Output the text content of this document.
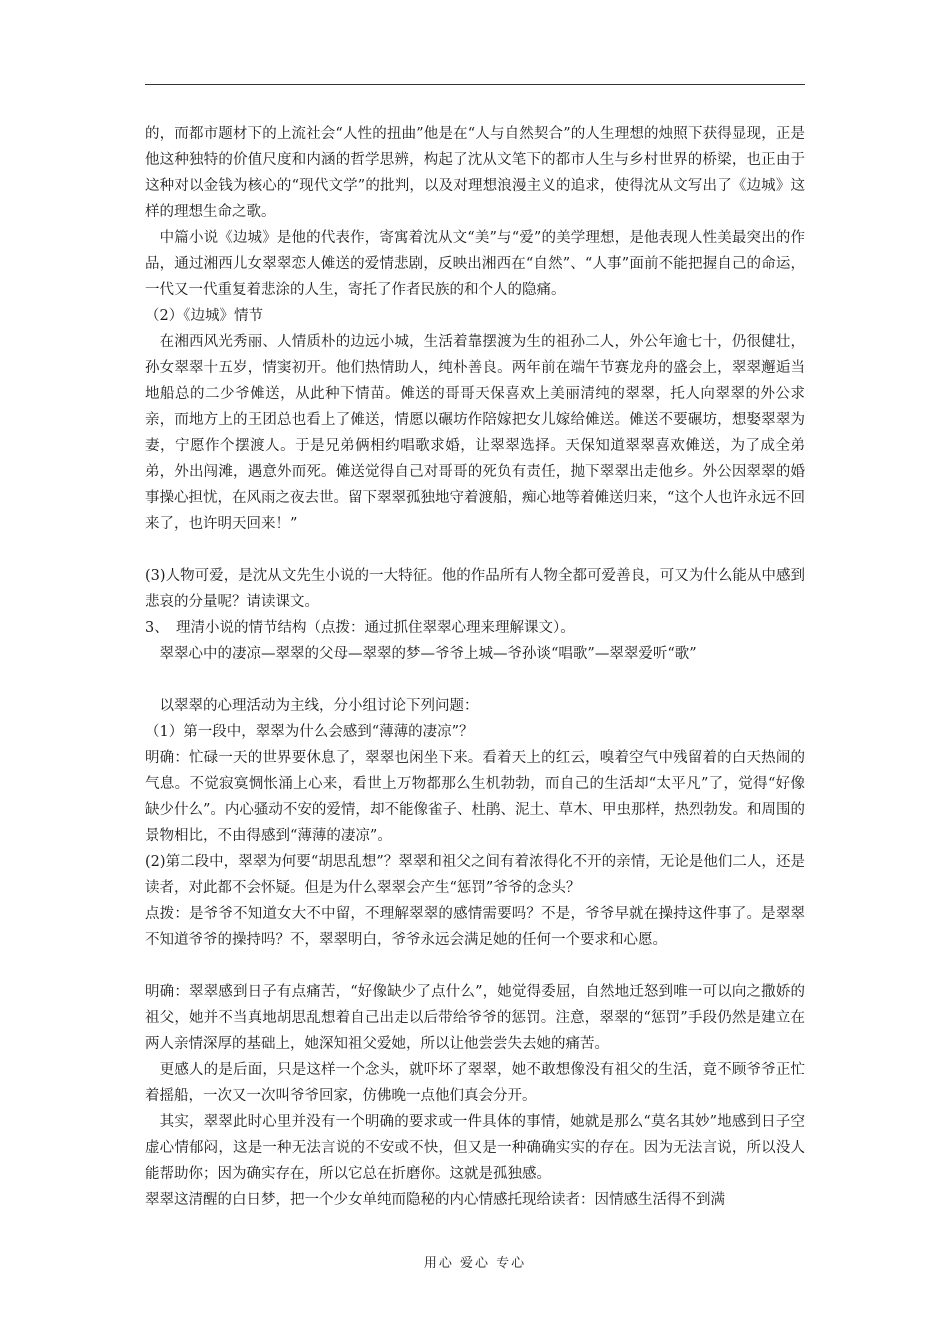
的，而都市题材下的上流社会“人性的扭曲”他是在“人与自然契合”的人生理想的烛照下获得显现，正是他这种独特的价值尺度和内涵的哲学思辨，构起了沈从文笔下的都市人生与乡村世界的桥梁，也正由于这种对以金钱为核心的“现代文学”的批判，以及对理想浪漫主义的追求，使得沈从文写出了《边城》这样的理想生命之歌。

　中篇小说《边城》是他的代表作，寄寓着沈从文“美”与“爱”的美学理想，是他表现人性美最突出的作品，通过湘西儿女翠翠恋人傩送的爱情悲剧，反映出湘西在“自然”、“人事”面前不能把握自己的命运，一代又一代重复着悲涂的人生，寄托了作者民族的和个人的隐痛。

（2）《边城》情节

　在湘西风光秀丽、人情质朴的边远小城，生活着靠摆渡为生的祖孙二人，外公年逾七十，仍很健壮，孙女翠翠十五岁，情窦初开。他们热情助人，纯朴善良。两年前在端午节赛龙舟的盛会上，翠翠邂逅当地船总的二少爷傩送，从此种下情苗。傩送的哥哥天保喜欢上美丽清纯的翠翠，托人向翠翠的外公求亲，而地方上的王团总也看上了傩送，情愿以碾坊作陪嫁把女儿嫁给傩送。傩送不要碾坊，想娶翠翠为妻，宁愿作个摆渡人。于是兄弟俩相约唱歌求婚，让翠翠选择。天保知道翠翠喜欢傩送，为了成全弟弟，外出闯滩，遇意外而死。傩送觉得自己对哥哥的死负有责任，抛下翠翠出走他乡。外公因翠翠的婚事操心担忧，在风雨之夜去世。留下翠翠孤独地守着渡船，痴心地等着傩送归来，“这个人也许永远不回来了，也许明天回来！”

(3)人物可爱，是沈从文先生小说的一大特征。他的作品所有人物全都可爱善良，可又为什么能从中感到悲哀的分量呢？请读课文。

3、　理清小说的情节结构（点拨：通过抓住翠翠心理来理解课文）。

　翠翠心中的凄凉—翠翠的父母—翠翠的梦—爷爷上城—爷孙谈“唱歌”—翠翠爱听“歌”

　以翠翠的心理活动为主线，分小组讨论下列问题：

（1）第一段中，翠翠为什么会感到“薄薄的凄凉”？

明确：忙碌一天的世界要休息了，翠翠也闲坐下来。看着天上的红云，嗅着空气中残留着的白天热闹的气息。不觉寂寞惆怅涌上心来，看世上万物都那么生机勃勃，而自己的生活却“太平凡”了，觉得“好像缺少什么”。内心骚动不安的爱情，却不能像雀子、杜鹃、泥土、草木、甲虫那样，热烈勃发。和周围的景物相比，不由得感到“薄薄的凄凉”。

(2)第二段中，翠翠为何要“胡思乱想”？翠翠和祖父之间有着浓得化不开的亲情，无论是他们二人，还是读者，对此都不会怀疑。但是为什么翠翠会产生“惩罚”爷爷的念头？

点拨：是爷爷不知道女大不中留，不理解翠翠的感情需要吗？不是，爷爷早就在操持这件事了。是翠翠不知道爷爷的操持吗？不，翠翠明白，爷爷永远会满足她的任何一个要求和心愿。

明确：翠翠感到日子有点痛苦，“好像缺少了点什么”，她觉得委屈，自然地迁怒到唯一可以向之撒娇的祖父，她并不当真地胡思乱想着自己出走以后带给爷爷的惩罚。注意，翠翠的“惩罚”手段仍然是建立在两人亲情深厚的基础上，她深知祖父爱她，所以让他尝尝失去她的痛苦。

　更感人的是后面，只是这样一个念头，就吓坏了翠翠，她不敢想像没有祖父的生活，竟不顾爷爷正忙着摇船，一次又一次叫爷爷回家，仿佛晚一点他们真会分开。

　其实，翠翠此时心里并没有一个明确的要求或一件具体的事情，她就是那么“莫名其妙”地感到日子空虚心情郁闷，这是一种无法言说的不安或不快，但又是一种确确实实的存在。因为无法言说，所以没人能帮助你；因为确实存在，所以它总在折磨你。这就是孤独感。

翠翠这清醒的白日梦，把一个少女单纯而隐秘的内心情感托现给读者：因情感生活得不到满

用心 爱心 专心
